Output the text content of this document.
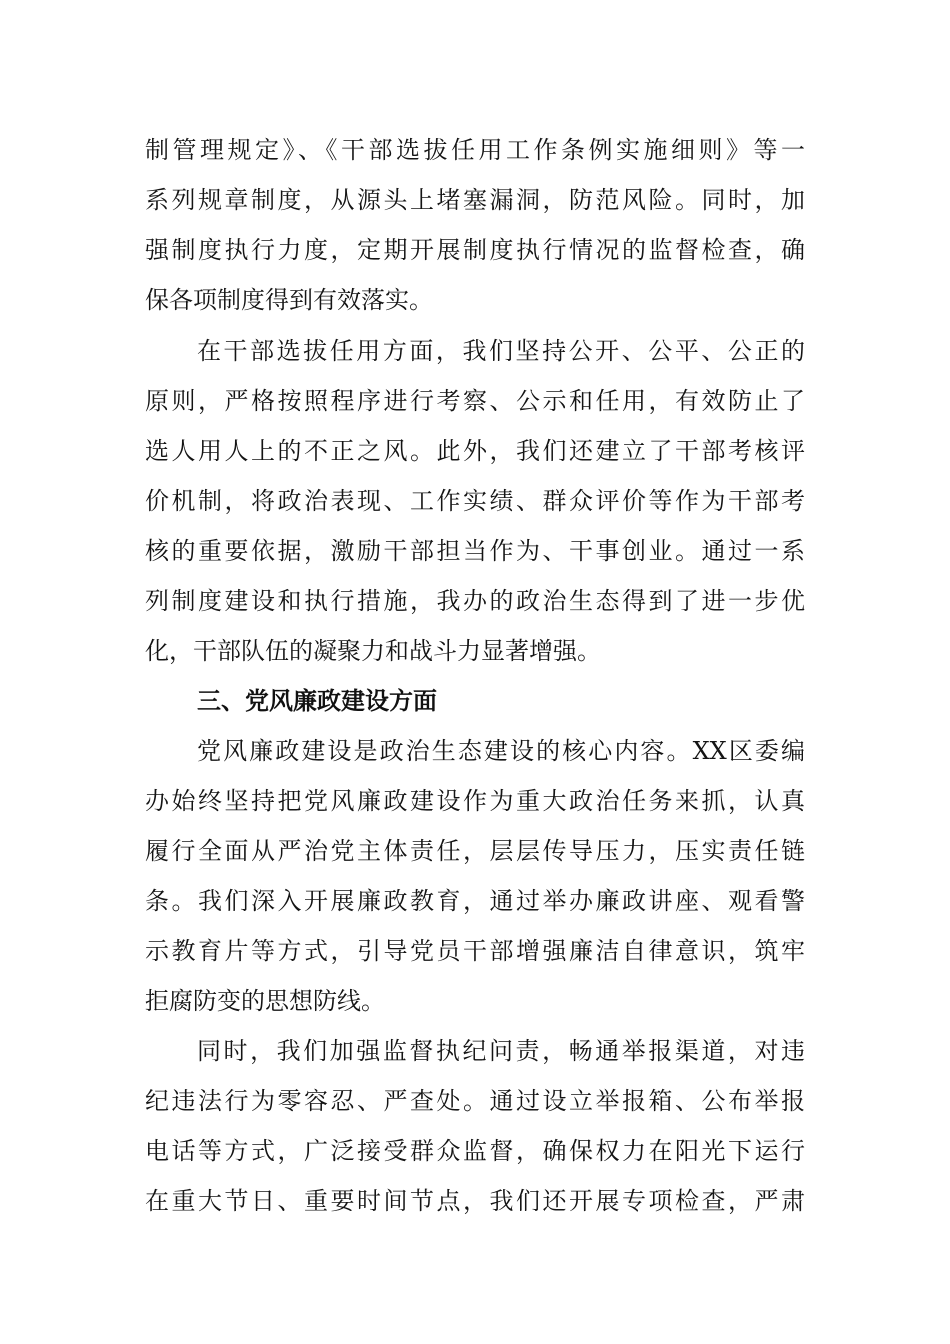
制管理规定》、《干部选拔任用工作条例实施细则》等一
系列规章制度，从源头上堵塞漏洞，防范风险。同时，加
强制度执行力度，定期开展制度执行情况的监督检查，确
保各项制度得到有效落实。
在干部选拔任用方面，我们坚持公开、公平、公正的
原则，严格按照程序进行考察、公示和任用，有效防止了
选人用人上的不正之风。此外，我们还建立了干部考核评
价机制，将政治表现、工作实绩、群众评价等作为干部考
核的重要依据，激励干部担当作为、干事创业。通过一系
列制度建设和执行措施，我办的政治生态得到了进一步优
化，干部队伍的凝聚力和战斗力显著增强。
三、党风廉政建设方面
党风廉政建设是政治生态建设的核心内容。XX区委编
办始终坚持把党风廉政建设作为重大政治任务来抓，认真
履行全面从严治党主体责任，层层传导压力，压实责任链
条。我们深入开展廉政教育，通过举办廉政讲座、观看警
示教育片等方式，引导党员干部增强廉洁自律意识，筑牢
拒腐防变的思想防线。
同时，我们加强监督执纪问责，畅通举报渠道，对违
纪违法行为零容忍、严查处。通过设立举报箱、公布举报
电话等方式，广泛接受群众监督，确保权力在阳光下运行
在重大节日、重要时间节点，我们还开展专项检查，严肃
